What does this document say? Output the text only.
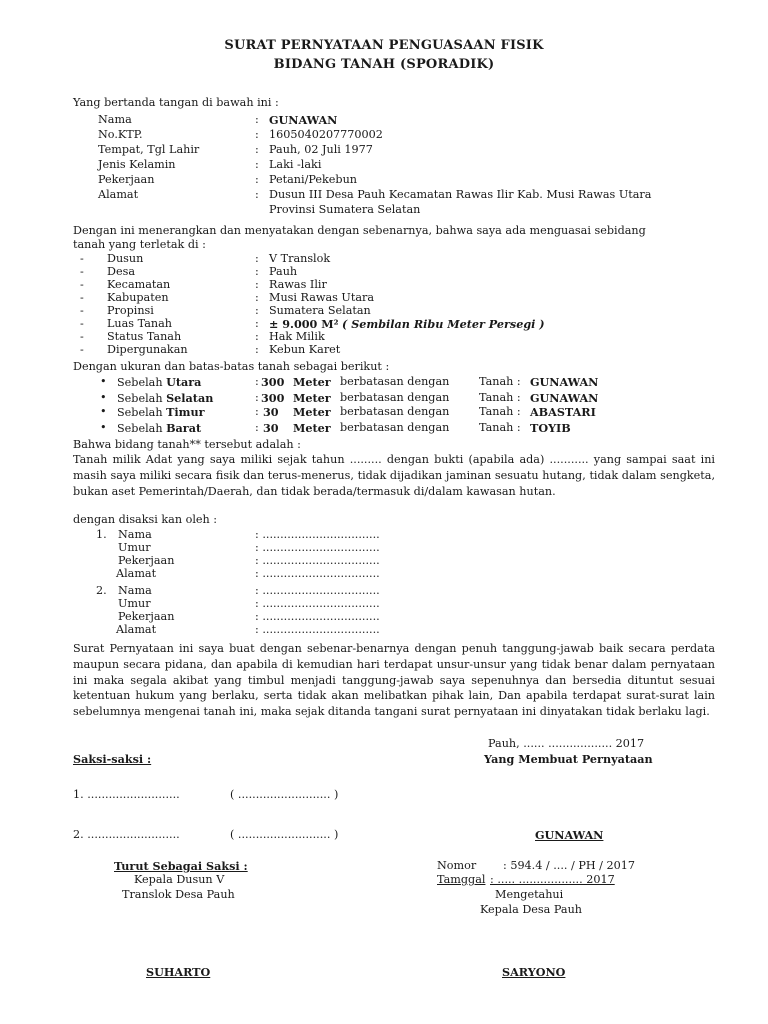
SURAT PERNYATAAN PENGUASAAN FISIK
BIDANG TANAH (SPORADIK)
Yang bertanda tangan di bawah ini :
Nama	: GUNAWAN
No.KTP.	: 1605040207770002
Tempat, Tgl Lahir	: Pauh, 02 Juli 1977
Jenis Kelamin	: Laki -laki
Pekerjaan	: Petani/Pekebun
Alamat	: Dusun III Desa Pauh Kecamatan Rawas Ilir Kab. Musi Rawas Utara
Provinsi Sumatera Selatan
Dengan ini menerangkan dan menyatakan dengan sebenarnya, bahwa saya ada menguasai sebidang
tanah yang terletak di :
- Dusun	: V Translok
- Desa	: Pauh
- Kecamatan	: Rawas Ilir
- Kabupaten	: Musi Rawas Utara
- Propinsi	: Sumatera Selatan
- Luas Tanah	: ± 9.000 M² ( Sembilan Ribu Meter Persegi )
- Status Tanah	: Hak Milik
- Dipergunakan	: Kebun Karet
Dengan ukuran dan batas-batas tanah sebagai berikut :
• Sebelah Utara	: 300 Meter berbatasan dengan	Tanah : GUNAWAN
• Sebelah Selatan	: 300 Meter berbatasan dengan	Tanah : GUNAWAN
• Sebelah Timur	: 30 Meter berbatasan dengan	Tanah : ABASTARI
• Sebelah Barat	: 30 Meter berbatasan dengan	Tanah : TOYIB
Bahwa bidang tanah** tersebut adalah :
Tanah milik Adat yang saya miliki sejak tahun ......... dengan bukti (apabila ada) ........... yang sampai saat ini masih saya miliki secara fisik dan terus-menerus, tidak dijadikan jaminan sesuatu hutang, tidak dalam sengketa, bukan aset Pemerintah/Daerah, dan tidak berada/termasuk di/dalam kawasan hutan.
dengan disaksi kan oleh :
1. Nama	: .................................
Umur	: .................................
Pekerjaan	: .................................
Alamat	: .................................
2. Nama	: .................................
Umur	: .................................
Pekerjaan	: .................................
Alamat	: .................................
Surat Pernyataan ini saya buat dengan sebenar-benarnya dengan penuh tanggung-jawab baik secara perdata maupun secara pidana, dan apabila di kemudian hari terdapat unsur-unsur yang tidak benar dalam pernyataan ini maka segala akibat yang timbul menjadi tanggung-jawab saya sepenuhnya dan bersedia dituntut sesuai ketentuan hukum yang berlaku, serta tidak akan melibatkan pihak lain, Dan apabila terdapat surat-surat lain sebelumnya mengenai tanah ini, maka sejak ditanda tangani surat pernyataan ini dinyatakan tidak berlaku lagi.
Pauh, ...... .................. 2017
Saksi-saksi :	Yang Membuat Pernyataan
1. ..........................	( .......................... )
2. ..........................	( .......................... )	GUNAWAN
Turut Sebagai Saksi :
Kepala Dusun V
Translok Desa Pauh
Nomor : 594.4 / .... / PH / 2017
Tamggal : ..... .................. 2017
Mengetahui
Kepala Desa Pauh
SUHARTO	SARYONO
